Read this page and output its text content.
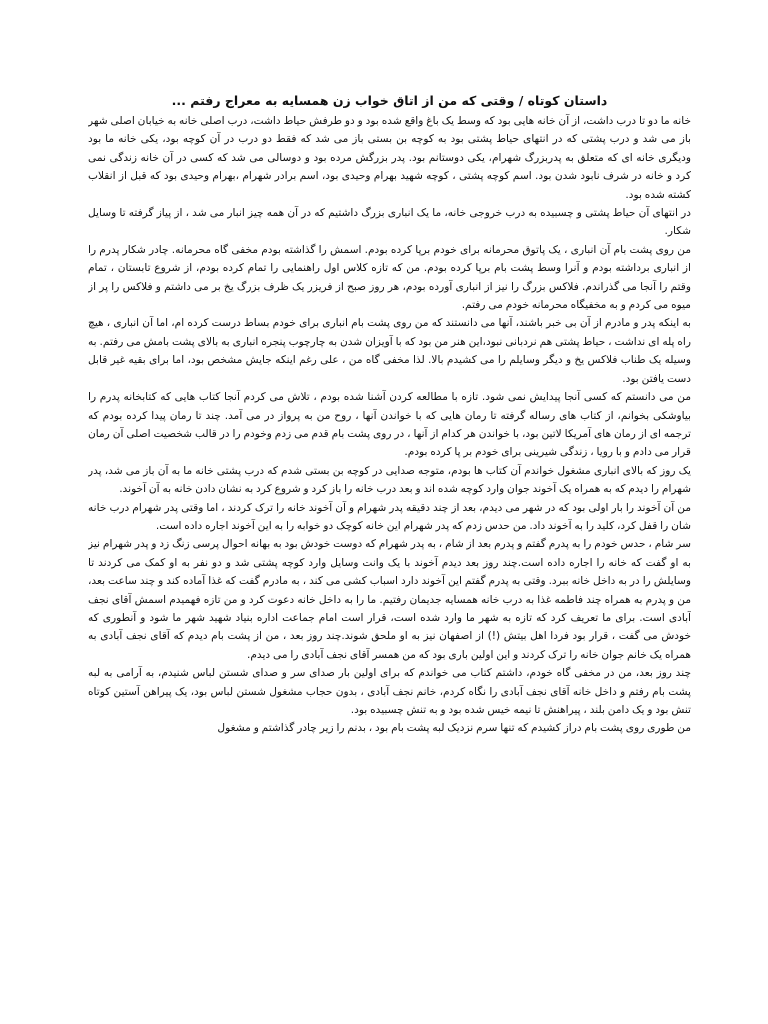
داستان کوتاه / وقتی که من از اتاق خواب زن همسایه به معراج رفتم ...

خانه ما دو تا درب داشت، از آن خانه هایی بود که وسط یک باغ واقع شده بود و دو طرفش حیاط داشت، درب اصلی خانه به خیابان اصلی شهر باز می شد و درب پشتی که در انتهای حیاط پشتی بود به کوچه بن بستی باز می شد که فقط دو درب در آن کوچه بود، یکی خانه ما بود ودیگری خانه ای که متعلق به پدربزرگ شهرام، یکی دوستانم بود. پدر بزرگش مرده بود و دوسالی می شد که کسی در آن خانه زندگی نمی کرد و خانه در شرف نابود شدن بود. اسم کوچه پشتی ، کوچه شهید بهرام وحیدی بود، اسم برادر شهرام ،بهرام وحیدی بود که قبل از انقلاب کشته شده بود.

در انتهای آن حیاط پشتی و چسبیده به درب خروجی خانه، ما یک انباری بزرگ داشتیم که در آن همه چیز انبار می شد ، از پیاز گرفته تا وسایل شکار.

من روی پشت بام آن انباری ، یک پاتوق محرمانه برای خودم برپا کرده بودم. اسمش را گذاشته بودم مخفی گاه محرمانه. چادر شکار پدرم را از انباری برداشته بودم و آنرا وسط پشت بام برپا کرده بودم. من که تازه کلاس اول راهنمایی را تمام کرده بودم، از شروع تابستان ، تمام وقتم را آنجا می گذراندم. فلاکس بزرگ را نیز از انباری آورده بودم، هر روز صبح از فریزر یک ظرف بزرگ یخ بر می داشتم و فلاکس را پر از میوه می کردم و به مخفیگاه محرمانه خودم می رفتم.

به اینکه پدر و مادرم از آن بی خبر باشند، آنها می دانستند که من روی پشت بام انباری برای خودم بساط درست کرده ام، اما آن انباری ، هیچ راه پله ای نداشت ، حیاط پشتی هم نردبانی نبود،این هنر من بود که با آویزان شدن به چارچوب پنجره انباری به بالای پشت بامش می رفتم. به وسیله یک طناب فلاکس یخ و دیگر وسایلم را می کشیدم بالا. لذا مخفی گاه من ، علی رغم اینکه جایش مشخص بود، اما برای بقیه غیر قابل دست یافتن بود.

من می دانستم که کسی آنجا پیدایش نمی شود. تازه با مطالعه کردن آشنا شده بودم ، تلاش می کردم آنجا کتاب هایی که کتابخانه پدرم را بیاوشکی بخوانم، از کتاب های رساله گرفته تا رمان هایی که با خواندن آنها ، روح من به پرواز در می آمد. چند تا رمان پیدا کرده بودم که ترجمه ای از رمان های آمریکا لاتین بود، با خواندن هر کدام از آنها ، در روی پشت بام قدم می زدم وخودم را در قالب شخصیت اصلی آن رمان قرار می دادم و با رویا ، زندگی شیرینی برای خودم بر پا کرده بودم.

یک روز که بالای انباری مشغول خواندم آن کتاب ها بودم، متوجه صدایی در کوچه بن بستی شدم که درب پشتی خانه ما به آن باز می شد، پدر شهرام را دیدم که به همراه یک آخوند جوان وارد کوچه شده اند و بعد درب خانه را باز کرد و شروع کرد به نشان دادن خانه به آن آخوند.

من آن آخوند را بار اولی بود که در شهر می دیدم، بعد از چند دقیقه پدر شهرام و آن آخوند خانه را ترک کردند ، اما وقتی پدر شهرام درب خانه شان را قفل کرد، کلید را به آخوند داد. من حدس زدم که پدر شهرام این خانه کوچک دو خوابه را به این آخوند اجاره داده است.

سر شام ، حدس خودم را به پدرم گفتم و پدرم بعد از شام ، به پدر شهرام که دوست خودش بود به بهانه احوال پرسی زنگ زد و پدر شهرام نیز به او گفت که خانه را اجاره داده است.چند روز بعد دیدم آخوند با یک وانت وسایل وارد کوچه پشتی شد و دو نفر به او کمک می کردند تا وسایلش را در به داخل خانه ببرد. وقتی به پدرم گفتم این آخوند دارد اسباب کشی می کند ، به مادرم گفت که غذا آماده کند و چند ساعت بعد، من و پدرم به همراه چند فاطمه غذا به درب خانه همسایه جدیمان رفتیم. ما را به داخل خانه دعوت کرد و من تازه فهمیدم اسمش آقای نجف آبادی است. برای ما تعریف کرد که تازه به شهر ما وارد شده است، قرار است امام جماعت اداره بنیاد شهید شهر ما شود و آنطوری که خودش می گفت ، قرار بود فردا اهل بیتش (!) از اصفهان نیز به او ملحق شوند.چند روز بعد ، من از پشت بام دیدم که آقای نجف آبادی به همراه یک خانم جوان خانه را ترک کردند و این اولین باری بود که من همسر آقای نجف آبادی را می دیدم.

چند روز بعد، من در مخفی گاه خودم، داشتم کتاب می خواندم که برای اولین بار صدای سر و صدای شستن لباس شنیدم، به آرامی به لبه پشت بام رفتم و داخل خانه آقای نجف آبادی را نگاه کردم، خانم نجف آبادی ، بدون حجاب مشغول شستن لباس بود، یک پیراهن آستین کوتاه تنش بود و یک دامن بلند ، پیراهنش تا نیمه خیس شده بود و به تنش چسبیده بود.

من طوری روی پشت بام دراز کشیدم که تنها سرم نزدیک لبه پشت بام بود ، بدنم را زیر چادر گذاشتم و مشغول
